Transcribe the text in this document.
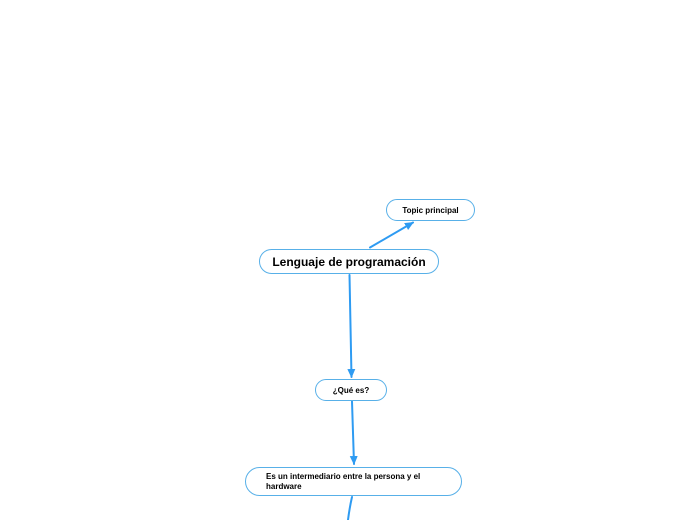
Topic principal
Lenguaje de programación
¿Qué es?
Es un intermediario entre la persona y el hardware
